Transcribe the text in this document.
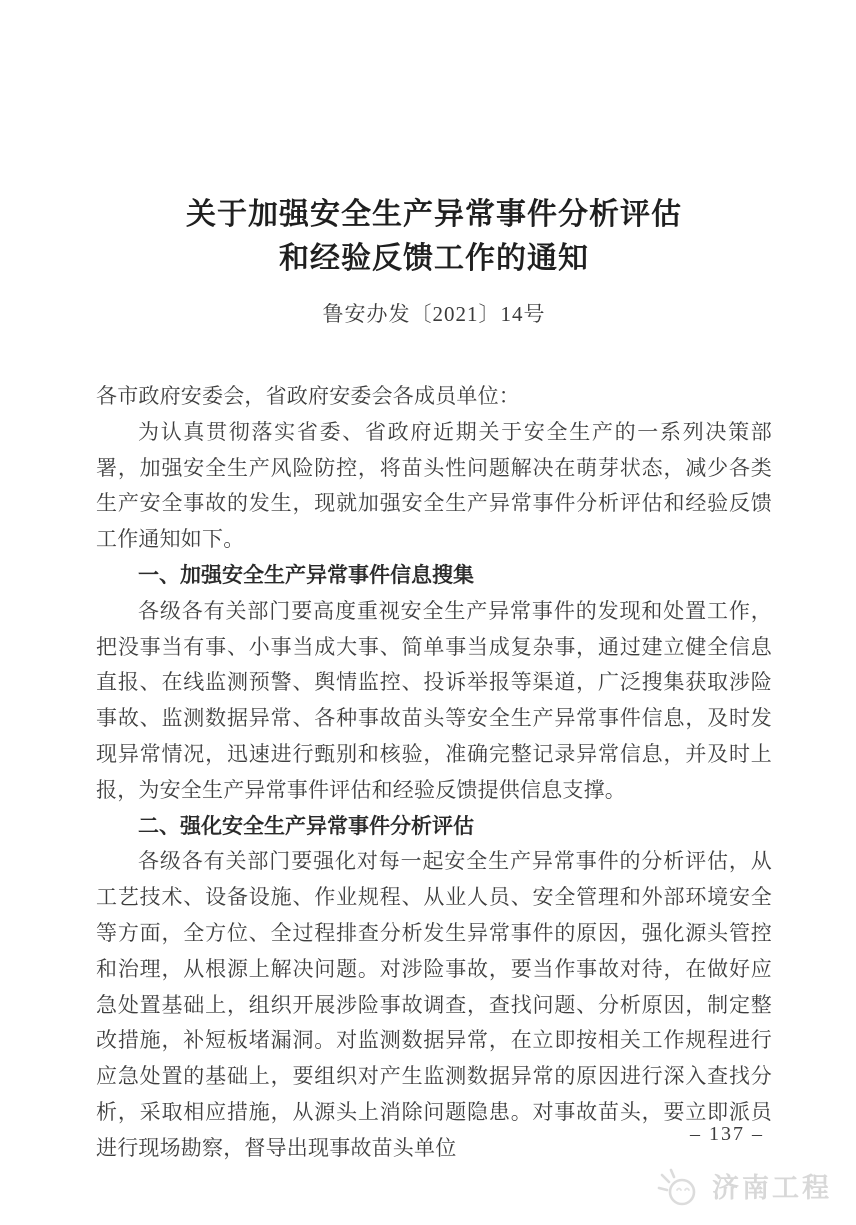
关于加强安全生产异常事件分析评估
和经验反馈工作的通知
鲁安办发〔2021〕14号

各市政府安委会，省政府安委会各成员单位：

为认真贯彻落实省委、省政府近期关于安全生产的一系列决策部署，加强安全生产风险防控，将苗头性问题解决在萌芽状态，减少各类生产安全事故的发生，现就加强安全生产异常事件分析评估和经验反馈工作通知如下。

一、加强安全生产异常事件信息搜集

各级各有关部门要高度重视安全生产异常事件的发现和处置工作，把没事当有事、小事当成大事、简单事当成复杂事，通过建立健全信息直报、在线监测预警、舆情监控、投诉举报等渠道，广泛搜集获取涉险事故、监测数据异常、各种事故苗头等安全生产异常事件信息，及时发现异常情况，迅速进行甄别和核验，准确完整记录异常信息，并及时上报，为安全生产异常事件评估和经验反馈提供信息支撑。

二、强化安全生产异常事件分析评估

各级各有关部门要强化对每一起安全生产异常事件的分析评估，从工艺技术、设备设施、作业规程、从业人员、安全管理和外部环境安全等方面，全方位、全过程排查分析发生异常事件的原因，强化源头管控和治理，从根源上解决问题。对涉险事故，要当作事故对待，在做好应急处置基础上，组织开展涉险事故调查，查找问题、分析原因，制定整改措施，补短板堵漏洞。对监测数据异常，在立即按相关工作规程进行应急处置的基础上，要组织对产生监测数据异常的原因进行深入查找分析，采取相应措施，从源头上消除问题隐患。对事故苗头，要立即派员进行现场勘察，督导出现事故苗头单位

– 137 –
济南工程
